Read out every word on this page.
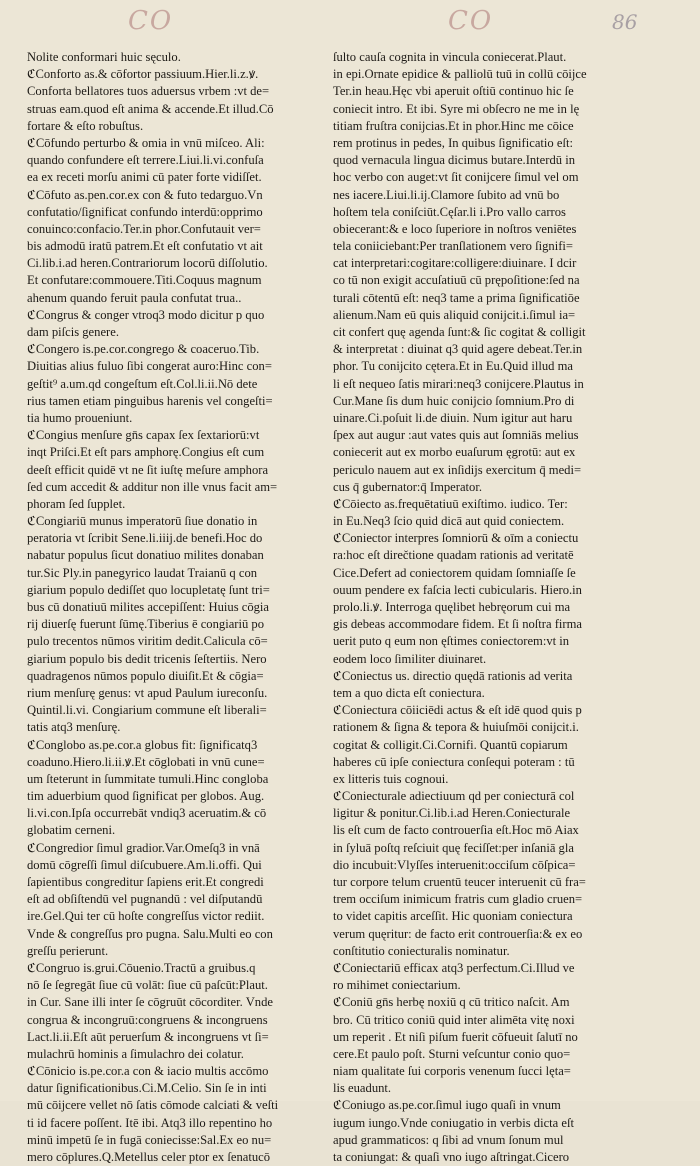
CO	CO	86
Nolite conformari huic sęculo.
ℭConforto as.& cōfortor passiuum.Hier.li.z.ꝟ.
Conforta bellatores tuos aduersus vrbem :vt de=
struas eam.quod eſt anima & accende.Et illud.Cō
fortare & eſto robuſtus.
ℭCōfundo perturbo & omia in vnū miſceo. Ali:
quando confundere eſt terrere.Liui.li.vi.confuſa
ea ex receti morſu animi cū pater forte vidiſſet.
ℭCōfuto as.pen.cor.ex con & futo tedarguo.Vn
confutatio/ſignificat confundo interdū:opprimo
conuinco:confacio.Ter.in phor.Confutauit ver=
bis admodū iratū patrem.Et eſt confutatio vt ait
Ci.lib.i.ad heren.Contrariorum locorū diſſolutio.
Et confutare:commouere.Titi.Coquus magnum
ahenum quando feruit paula confutat trua..
ℭCongrus & conger vtroq3 modo dicitur p quo
dam piſcis genere.
ℭCongero is.pe.cor.congrego & coaceruo.Tib.
Diuitias alius fuluo ſibi congerat auro:Hinc con=
geſtit⁹ a.um.qd congeſtum eſt.Col.li.ii.Nō dete
rius tamen etiam pinguibus harenis vel congeſti=
tia humo proueniunt.
ℭCongius menſure gn̄s capax ſex ſextariorū:vt
inqt Priſci.Et eſt pars amphorę.Congius eſt cum
deeſt efficit quidē vt ne ſit iuſtę meſure amphora
ſed cum accedit & additur non ille vnus facit am=
phoram ſed ſupplet.
ℭCongiariū munus imperatorū ſiue donatio in
peratoria vt ſcribit Sene.li.iiij.de benefi.Hoc do
nabatur populus ſicut donatiuo milites donaban
tur.Sic Ply.in panegyrico laudat Traianū q con
giarium populo dediſſet quo locupletatę ſunt tri=
bus cū donatiuū milites accepiſſent: Huius cōgia
rij diuerſę fuerunt ſūmę.Tiberius ē congiariū po
pulo trecentos nūmos viritim dedit.Calicula cō=
giarium populo bis dedit tricenis ſeſtertiis. Nero
quadragenos nūmos populo diuiſit.Et & cōgia=
rium menſurę genus: vt apud Paulum iureconſu.
Quintil.li.vi. Congiarium commune eſt liberali=
tatis atq3 menſurę.
ℭConglobo as.pe.cor.a globus fit: ſignificatq3
coaduno.Hiero.li.ii.ꝟ.Et cōglobati in vnū cune=
um ſteterunt in ſummitate tumuli.Hinc congloba
tim aduerbium quod ſignificat per globos. Aug.
li.vi.con.Ipſa occurrebāt vndiq3 aceruatim.& cō
globatim cerneni.
ℭCongredior ſimul gradior.Var.Omeſq3 in vnā
domū cōgreſſi ſimul diſcubuere.Am.li.offi. Qui
ſapientibus congreditur ſapiens erit.Et congredi
eſt ad obſiſtendū vel pugnandū : vel diſputandū
ire.Gel.Qui ter cū hoſte congreſſus victor rediit.
Vnde & congreſſus pro pugna. Salu.Multi eo con
greſſu perierunt.
ℭCongruo is.grui.Cōuenio.Tractū a gruibus.q
nō ſe ſegregāt ſiue cū volāt: ſiue cū paſcūt:Plaut.
in Cur. Sane illi inter ſe cōgruūt cōcorditer. Vnde
congrua & incongruū:congruens & incongruens
Lact.li.ii.Eſt aūt peruerſum & incongruens vt ſi=
mulachrū hominis a ſimulachro dei colatur.
ℭCōnicio is.pe.cor.a con & iacio multis accōmo
datur ſignificationibus.Ci.M.Celio. Sin ſe in inti
mū cōijcere vellet nō ſatis cōmode calciati & veſti
ti id facere poſſent. Itē ibi. Atq3 illo repentino ho
minū impetū ſe in fugā coniecisse:Sal.Ex eo nu=
mero cōplures.Q.Metellus celer ptor ex ſenatucō
ſulto cauſa cognita in vincula coniecerat.Plaut.
in epi.Ornate epidice & palliolū tuū in collū cōijce
Ter.in heau.Hęc vbi aperuit oſtiū continuo hic ſe
coniecit intro. Et ibi. Syre mi obſecro ne me in lę
titiam fruſtra conijcias.Et in phor.Hinc me cōice
rem protinus in pedes, In quibus ſignificatio eſt:
quod vernacula lingua dicimus butare.Interdū in
hoc verbo con auget:vt ſit conijcere ſimul vel om
nes iacere.Liui.li.ij.Clamore ſubito ad vnū bo
hoſtem tela coniſciūt.Cęſar.li i.Pro vallo carros
obiecerant:& e loco ſuperiore in noſtros veniētes
tela coniiciebant:Per tranſlationem vero ſignifi=
cat interpretari:cogitare:colligere:diuinare. I dcir
co tū non exigit accuſatiuū cū prępoſitione:ſed na
turali cōtentū eſt: neq3 tame a prima ſignificatiōe
alienum.Nam eū quis aliquid conijcit.i.ſimul ia=
cit confert quę agenda ſunt:& ſic cogitat & colligit
& interpretat : diuinat q3 quid agere debeat.Ter.in
phor. Tu conijcito cętera.Et in Eu.Quid illud ma
li eſt nequeo ſatis mirari:neq3 conijcere.Plautus in
Cur.Mane ſis dum huic conijcio ſomnium.Pro di
uinare.Ci.poſuit li.de diuin. Num igitur aut haru
ſpex aut augur :aut vates quis aut ſomniās melius
coniecerit aut ex morbo euaſurum ęgrotū: aut ex
periculo nauem aut ex inſidijs exercitum q̄ medi=
cus q̄ gubernator:q̄ Imperator.
ℭCōiecto as.frequētatiuū exiſtimo. iudico. Ter:
in Eu.Neq3 ſcio quid dicā aut quid coniectem.
ℭConiector interpres ſomniorū & oīm a coniectu
ra:hoc eſt direčtione quadam rationis ad veritatē
Cice.Defert ad coniectorem quidam ſomniaſſe ſe
ouum pendere ex faſcia lecti cubicularis. Hiero.in
prolo.li.ꝟ. Interroga quęlibet hebręorum cui ma
gis debeas accommodare fidem. Et ſi noſtra firma
uerit puto q eum non ęſtimes coniectorem:vt in
eodem loco ſimiliter diuinaret.
ℭConiectus us. directio quędā rationis ad verita
tem a quo dicta eſt coniectura.
ℭConiectura cōiiciēdi actus & eſt idē quod quis p
rationem & ſigna & tepora & huiuſmōi conijcit.i.
cogitat & colligit.Ci.Cornifi. Quantū copiarum
haberes cū ipſe coniectura conſequi poteram : tū
ex litteris tuis cognoui.
ℭConiecturale adiectiuum qd per coniecturā col
ligitur & ponitur.Ci.lib.i.ad Heren.Coniecturale
lis eſt cum de facto controuerſia eſt.Hoc mō Aiax
in ſyluā poſtq reſciuit quę feciſſet:per inſaniā gla
dio incubuit:Vlyſſes interuenit:occiſum cōſpica=
tur corpore telum cruentū teucer interuenit cū fra=
trem occiſum inimicum fratris cum gladio cruen=
to videt capitis arceſſit. Hic quoniam coniectura
verum quęritur: de facto erit controuerſia:& ex eo
conſtitutio coniecturalis nominatur.
ℭConiectariū efficax atq3 perfectum.Ci.Illud ve
ro mihimet coniectarium.
ℭConiū gn̄s herbę noxiū q cū tritico naſcit. Am
bro. Cū tritico coniū quid inter alimēta vitę noxi
um reperit . Et niſi piſum fuerit cōfueuit ſalutī no
cere.Et paulo poſt. Sturni veſcuntur conio quo=
niam qualitate ſui corporis venenum ſucci lęta=
lis euadunt.
ℭConiugo as.pe.cor.ſimul iugo quaſi in vnum
iugum iungo.Vnde coniugatio in verbis dicta eſt
apud grammaticos: q ſibi ad vnum ſonum mul
ta coniungat: & quaſi vno iugo aſtringat.Cicero
